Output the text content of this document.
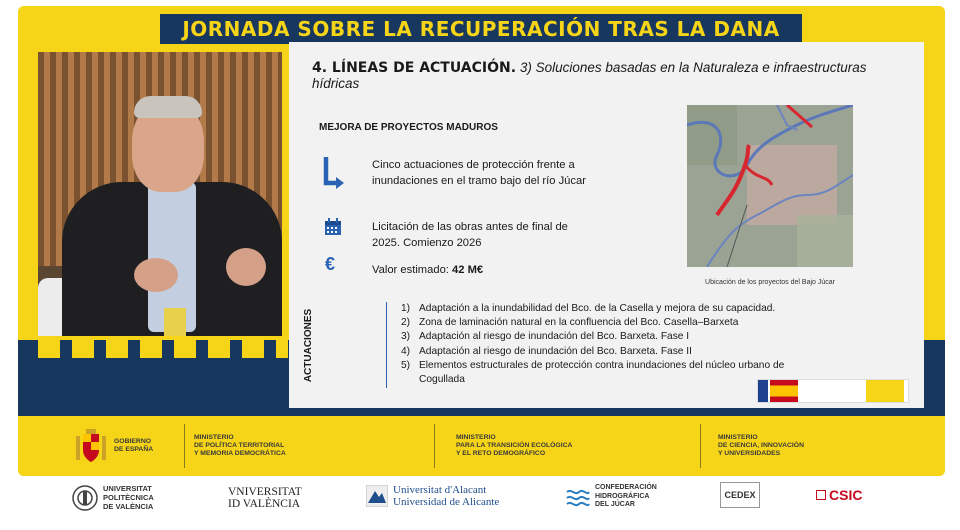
JORNADA SOBRE LA RECUPERACIÓN TRAS LA DANA
4. LÍNEAS DE ACTUACIÓN. 3) Soluciones basadas en la Naturaleza e infraestructuras hídricas
MEJORA DE PROYECTOS MADUROS
Cinco actuaciones de protección frente a inundaciones en el tramo bajo del río Júcar
Licitación de las obras antes de final de 2025. Comienzo 2026
€	Valor estimado: 42 M€
Ubicación de los proyectos del Bajo Júcar
ACTUACIONES
1) Adaptación a la inundabilidad del Bco. de la Casella y mejora de su capacidad.
2) Zona de laminación natural en la confluencia del Bco. Casella–Barxeta
3) Adaptación al riesgo de inundación del Bco. Barxeta. Fase I
4) Adaptación al riesgo de inundación del Bco. Barxeta. Fase II
5) Elementos estructurales de protección contra inundaciones del núcleo urbano de Cogullada
GOBIERNO
DE ESPAÑA
MINISTERIO
DE POLÍTICA TERRITORIAL
Y MEMORIA DEMOCRÁTICA
MINISTERIO
PARA LA TRANSICIÓN ECOLÓGICA
Y EL RETO DEMOGRÁFICO
MINISTERIO
DE CIENCIA, INNOVACIÓN
Y UNIVERSIDADES
UNIVERSITAT
POLITÈCNICA
DE VALÈNCIA
VNIVERSITAT
ID VALÈNCIA
Universitat d'Alacant
Universidad de Alicante
CONFEDERACIÓN
HIDROGRÁFICA
DEL JÚCAR
CEDEX	CSIC
